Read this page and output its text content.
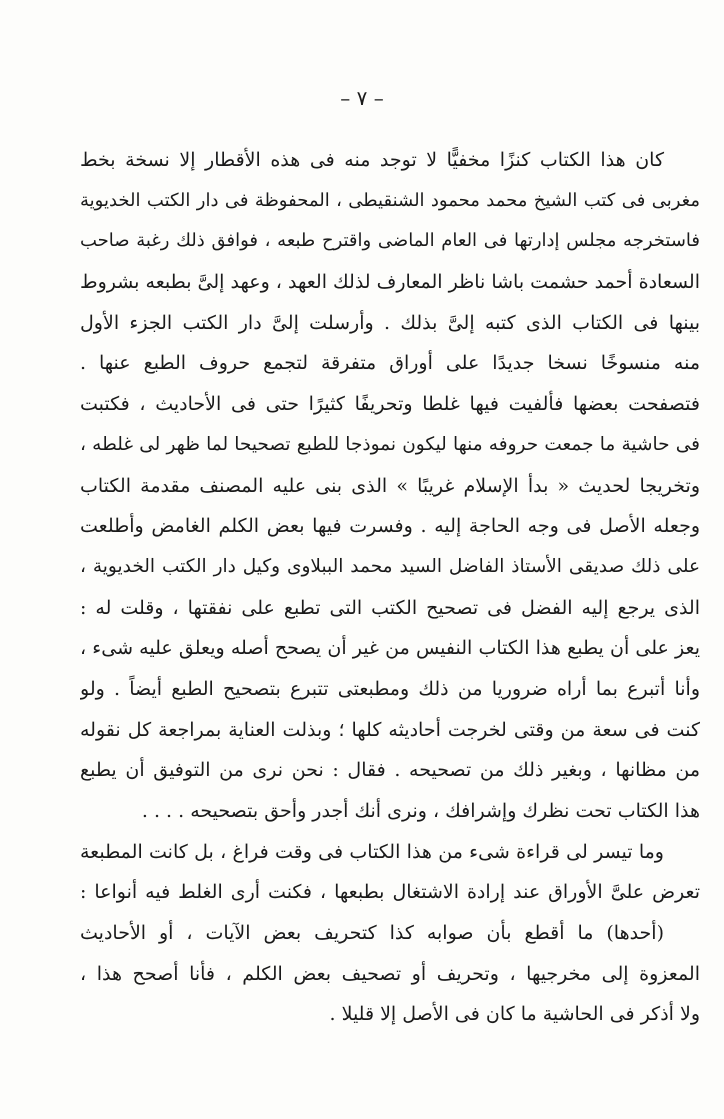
– ٧ –
كان هذا الكتاب كنزًا مخفيًّا لا توجد منه فى هذه الأقطار إلا نسخة بخط
مغربى فى كتب الشيخ محمد محمود الشنقيطى ، المحفوظة فى دار الكتب الخديوية
فاستخرجه مجلس إدارتها فى العام الماضى واقترح طبعه ، فوافق ذلك رغبة صاحب
السعادة أحمد حشمت باشا ناظر المعارف لذلك العهد ، وعهد إلىَّ بطبعه بشروط
بينها فى الكتاب الذى كتبه إلىَّ بذلك . وأرسلت إلىَّ دار الكتب الجزء الأول
منه منسوخًا نسخا جديدًا على أوراق متفرقة لتجمع حروف الطبع عنها .
فتصفحت بعضها فألفيت فيها غلطا وتحريفًا كثيرًا حتى فى الأحاديث ، فكتبت
فى حاشية ما جمعت حروفه منها ليكون نموذجا للطبع تصحيحا لما ظهر لى غلطه ،
وتخريجا لحديث « بدأ الإسلام غريبًا » الذى بنى عليه المصنف مقدمة الكتاب
وجعله الأصل فى وجه الحاجة إليه . وفسرت فيها بعض الكلم الغامض وأطلعت
على ذلك صديقى الأستاذ الفاضل السيد محمد الببلاوى وكيل دار الكتب الخديوية ،
الذى يرجع إليه الفضل فى تصحيح الكتب التى تطبع على نفقتها ، وقلت له :
يعز على أن يطبع هذا الكتاب النفيس من غير أن يصحح أصله ويعلق عليه شىء ،
وأنا أتبرع بما أراه ضروريا من ذلك ومطبعتى تتبرع بتصحيح الطبع أيضاً . ولو
كنت فى سعة من وقتى لخرجت أحاديثه كلها ؛ وبذلت العناية بمراجعة كل نقوله
من مظانها ، وبغير ذلك من تصحيحه . فقال : نحن نرى من التوفيق أن يطبع
هذا الكتاب تحت نظرك وإشرافك ، ونرى أنك أجدر وأحق بتصحيحه . . . .
وما تيسر لى قراءة شىء من هذا الكتاب فى وقت فراغ ، بل كانت المطبعة
تعرض علىَّ الأوراق عند إرادة الاشتغال بطبعها ، فكنت أرى الغلط فيه أنواعا :
(أحدها) ما أقطع بأن صوابه كذا كتحريف بعض الآيات ، أو الأحاديث
المعزوة إلى مخرجيها ، وتحريف أو تصحيف بعض الكلم ، فأنا أصحح هذا ،
ولا أذكر فى الحاشية ما كان فى الأصل إلا قليلا .
